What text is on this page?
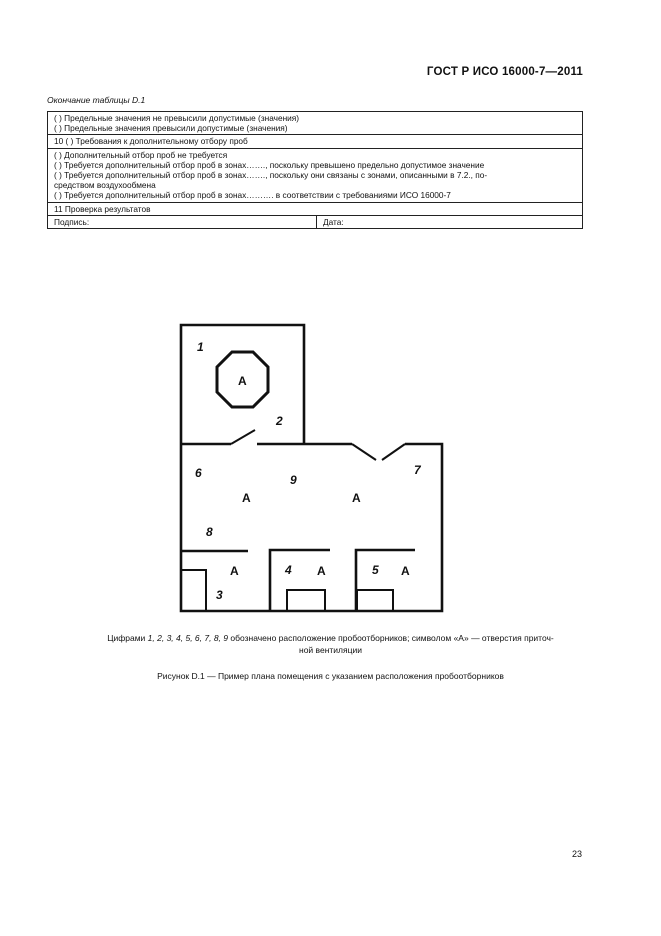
ГОСТ Р ИСО 16000-7—2011
Окончание таблицы D.1
( ) Предельные значения не превысили допустимые (значения)
( ) Предельные значения превысили допустимые (значения)

10 ( ) Требования к дополнительному отбору проб

( ) Дополнительный отбор проб не требуется
( ) Требуется дополнительный отбор проб в зонах……., поскольку превышено предельно допустимое значение
( ) Требуется дополнительный отбор проб в зонах……., поскольку они связаны с зонами, описанными в 7.2., по-
средством воздухообмена
( ) Требуется дополнительный отбор проб в зонах………. в соответствии с требованиями ИСО 16000-7

11 Проверка результатов
Подпись:	Дата:
1
2
3
4	5
6	7
8
9
A
A	A
A	A	A
Цифрами 1, 2, 3, 4, 5, 6, 7, 8, 9 обозначено расположение пробоотборников; символом «А» — отверстия приточ-
ной вентиляции
Рисунок D.1 — Пример плана помещения с указанием расположения пробоотборников
23
